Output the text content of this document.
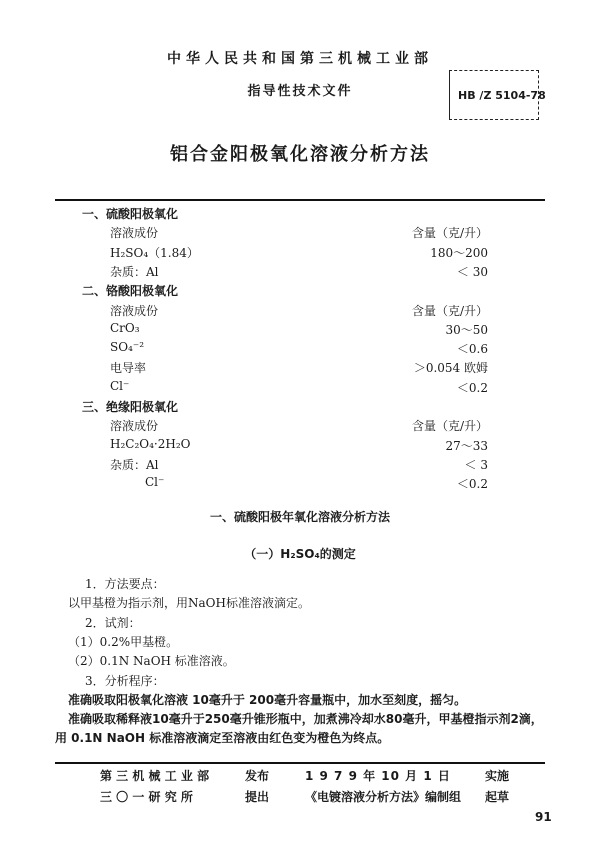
中华人民共和国第三机械工业部
指导性技术文件	HB /Z 5104-78
铝合金阳极氧化溶液分析方法
一、硫酸阳极氧化
溶液成份	含量（克/升）
H₂SO₄（1.84）	180～200
杂质：Al	＜ 30
二、铬酸阳极氧化
溶液成份	含量（克/升）
CrO₃	30～50
SO₄⁻²	＜0.6
电导率	＞0.054 欧姆
Cl⁻	＜0.2
三、绝缘阳极氧化
溶液成份	含量（克/升）
H₂C₂O₄·2H₂O	27～33
杂质：Al	＜ 3
Cl⁻	＜0.2
一、硫酸阳极年氧化溶液分析方法
（一）H₂SO₄的测定
1．方法要点：
以甲基橙为指示剂，用NaOH标准溶液滴定。
2．试剂：
（1）0.2%甲基橙。
（2）0.1N NaOH 标准溶液。
3．分析程序：
准确吸取阳极氧化溶液 10毫升于 200毫升容量瓶中，加水至刻度，摇匀。
准确吸取稀释液10毫升于250毫升锥形瓶中，加煮沸冷却水80毫升，甲基橙指示剂2滴，
用 0.1N NaOH 标准溶液滴定至溶液由红色变为橙色为终点。
第 三 机 械 工 业 部	发布	1 9 7 9 年 10 月 1 日	实施
三 〇 一 研 究 所	提出	《电镀溶液分析方法》编制组 起草
91
